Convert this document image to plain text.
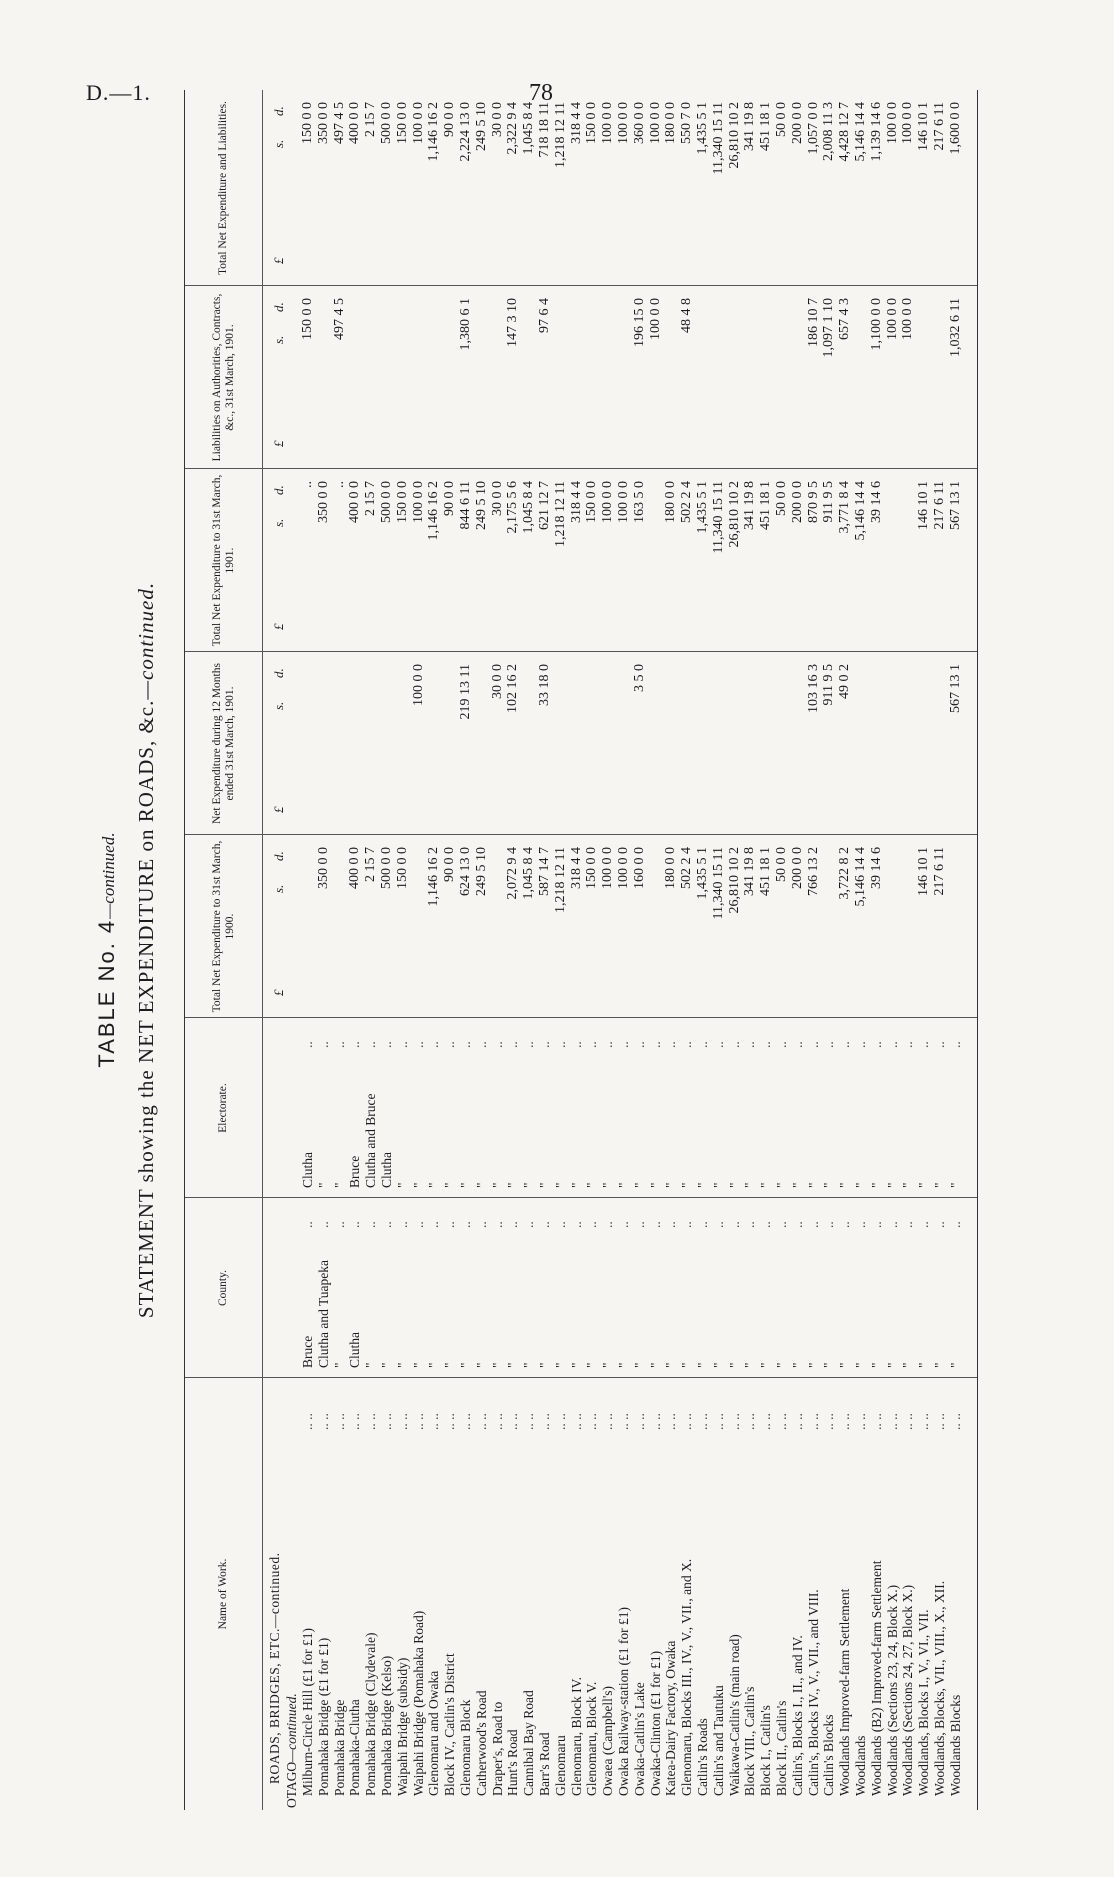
D.—1.	78
TABLE No. 4—continued. STATEMENT showing the NET EXPENDITURE on ROADS, &c.—continued.
Name of Work.	ROADS, BRIDGES, ETC.—continued.
OTAGO—continued.
County.
Electorate.
Total Net Expenditure to 31st March, 1900.
Net Expenditure during 12 Months ended 31st March, 1901.
Total Net Expenditure to 31st March, 1901.
Liabilities on Authorities, Contracts, &c., 31st March, 1901.
Total Net Expenditure and Liabilities.
£
s.
d.
£
s.
d.
£
s.
d.
£
s.
d.
£
s.
d.
Milburn-Circle Hill (£1 for £1)
.. ..
Bruce
..
Clutha
..
..
150 0 0
150 0 0
Pomahaka Bridge (£1 for £1)
.. ..
Clutha and Tuapeka
..
"
..
350 0 0
350 0 0
350 0 0
Pomahaka Bridge
.. ..
"
..
"
..
..
497 4 5
497 4 5
Pomahaka-Clutha
.. ..
Clutha
..
Bruce
..
400 0 0
400 0 0
400 0 0
Pomahaka Bridge (Clydevale)
.. ..
"
..
Clutha and Bruce
..
2 15 7
2 15 7
2 15 7
Pomahaka Bridge (Kelso)
.. ..
"
..
Clutha
..
500 0 0
500 0 0
500 0 0
Waipahi Bridge (subsidy)
.. ..
"
..
"
..
150 0 0
150 0 0
150 0 0
Waipahi Bridge (Pomahaka Road)
.. ..
"
..
"
..
100 0 0
100 0 0
100 0 0
Glenomaru and Owaka
.. ..
"
..
"
..
1,146 16 2
1,146 16 2
1,146 16 2
Block IV., Catlin's District
.. ..
"
..
"
..
90 0 0
90 0 0
90 0 0
Glenomaru Block
.. ..
"
..
"
..
624 13 0
219 13 11
844 6 11
1,380 6 1
2,224 13 0
Catherwood's Road
.. ..
"
..
"
..
249 5 10
249 5 10
249 5 10
Draper's, Road to
.. ..
"
..
"
..
30 0 0
30 0 0
30 0 0
Hunt's Road
.. ..
"
..
"
..
2,072 9 4
102 16 2
2,175 5 6
147 3 10
2,322 9 4
Cannibal Bay Road
.. ..
"
..
"
..
1,045 8 4
1,045 8 4
1,045 8 4
Barr's Road
.. ..
"
..
"
..
587 14 7
33 18 0
621 12 7
97 6 4
718 18 11
Glenomaru
.. ..
"
..
"
..
1,218 12 11
1,218 12 11
1,218 12 11
Glenomaru, Block IV.
.. ..
"
..
"
..
318 4 4
318 4 4
318 4 4
Glenomaru, Block V.
.. ..
"
..
"
..
150 0 0
150 0 0
150 0 0
Owaea (Campbell's)
.. ..
"
..
"
..
100 0 0
100 0 0
100 0 0
Owaka Railway-station (£1 for £1)
.. ..
"
..
"
..
100 0 0
100 0 0
100 0 0
Owaka-Catlin's Lake
.. ..
"
..
"
..
160 0 0
3 5 0
163 5 0
196 15 0
360 0 0
Owaka-Clinton (£1 for £1)
.. ..
"
..
"
..
100 0 0
100 0 0
Katea-Dairy Factory, Owaka
.. ..
"
..
"
..
180 0 0
180 0 0
180 0 0
Glenomaru, Blocks III., IV., V., VII., and X.
.. ..
"
..
"
..
502 2 4
502 2 4
48 4 8
550 7 0
Catlin's Roads
.. ..
"
..
"
..
1,435 5 1
1,435 5 1
1,435 5 1
Catlin's and Tautuku
.. ..
"
..
"
..
11,340 15 11
11,340 15 11
11,340 15 11
Waikawa-Catlin's (main road)
.. ..
"
..
"
..
26,810 10 2
26,810 10 2
26,810 10 2
Block VIII., Catlin's
.. ..
"
..
"
..
341 19 8
341 19 8
341 19 8
Block I., Catlin's
.. ..
"
..
"
..
451 18 1
451 18 1
451 18 1
Block II., Catlin's
.. ..
"
..
"
..
50 0 0
50 0 0
50 0 0
Catlin's, Blocks I., II., and IV.
.. ..
"
..
"
..
200 0 0
200 0 0
200 0 0
Catlin's, Blocks IV., V., VII., and VIII.
.. ..
"
..
"
..
766 13 2
103 16 3
870 9 5
186 10 7
1,057 0 0
Catlin's Blocks
.. ..
"
..
"
..
911 9 5
911 9 5
1,097 1 10
2,008 11 3
Woodlands Improved-farm Settlement
.. ..
"
..
"
..
3,722 8 2
49 0 2
3,771 8 4
657 4 3
4,428 12 7
Woodlands
.. ..
"
..
"
..
5,146 14 4
5,146 14 4
5,146 14 4
Woodlands (B2) Improved-farm Settlement
.. ..
"
..
"
..
39 14 6
39 14 6
1,100 0 0
1,139 14 6
Woodlands (Sections 23, 24, Block X.)
.. ..
"
..
"
..
100 0 0
100 0 0
Woodlands (Sections 24, 27, Block X.)
.. ..
"
..
"
..
100 0 0
100 0 0
Woodlands, Blocks I., V., VI., VII.
.. ..
"
..
"
..
146 10 1
146 10 1
146 10 1
Woodlands, Blocks, VII., VIII., X., XII.
.. ..
"
..
"
..
217 6 11
217 6 11
217 6 11
Woodlands Blocks
.. ..
"
..
"
..
567 13 1
567 13 1
1,032 6 11
1,600 0 0
